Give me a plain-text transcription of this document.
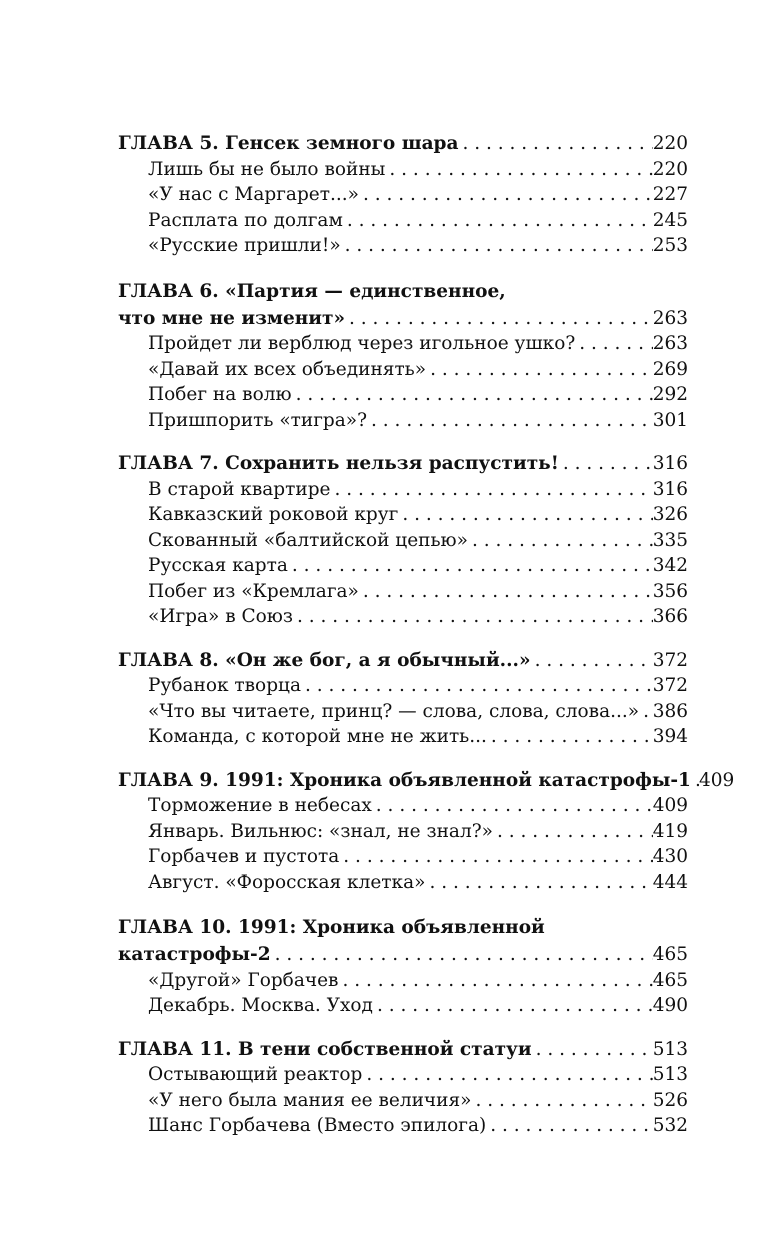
ГЛАВА 5. Генсек земного шара . . .	220
Лишь бы не было войны . . .	220
«У нас с Маргарет...» . . .	227
Расплата по долгам . . .	245
«Русские пришли!» . . .	253
ГЛАВА 6. «Партия — единственное,
что мне не изменит» . . .	263
Пройдет ли верблюд через игольное ушко? . . .	263
«Давай их всех объединять» . . .	269
Побег на волю . . .	292
Пришпорить «тигра»? . . .	301
ГЛАВА 7. Сохранить нельзя распустить! . . .	316
В старой квартире . . .	316
Кавказский роковой круг . . .	326
Скованный «балтийской цепью» . . .	335
Русская карта . . .	342
Побег из «Кремлага» . . .	356
«Игра» в Союз . . .	366
ГЛАВА 8. «Он же бог, а я обычный...» . . .	372
Рубанок творца . . .	372
«Что вы читаете, принц? — слова, слова, слова...» . . . 386
Команда, с которой мне не жить... . . .	394
ГЛАВА 9. 1991: Хроника объявленной катастрофы-1 . . . 409
Торможение в небесах . . .	409
Январь. Вильнюс: «знал, не знал?» . . .	419
Горбачев и пустота . . .	430
Август. «Форосская клетка» . . .	444
ГЛАВА 10. 1991: Хроника объявленной
катастрофы-2 . . .	465
«Другой» Горбачев . . .	465
Декабрь. Москва. Уход . . .	490
ГЛАВА 11. В тени собственной статуи . . .	513
Остывающий реактор . . .	513
«У него была мания ее величия» . . .	526
Шанс Горбачева (Вместо эпилога) . . .	532
